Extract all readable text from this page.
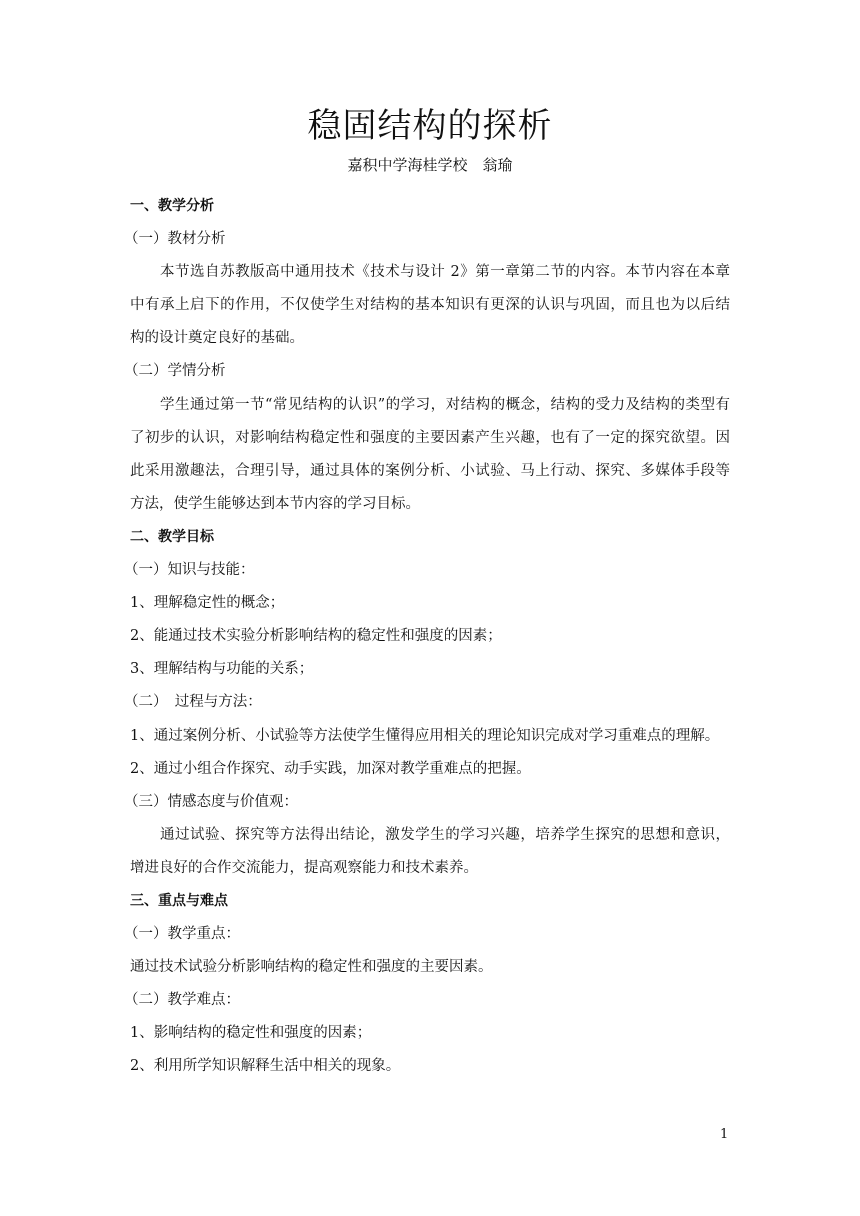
稳固结构的探析

嘉积中学海桂学校　翁瑜

一、教学分析

（一）教材分析

本节选自苏教版高中通用技术《技术与设计 2》第一章第二节的内容。本节内容在本章

中有承上启下的作用，不仅使学生对结构的基本知识有更深的认识与巩固，而且也为以后结

构的设计奠定良好的基础。

（二）学情分析

学生通过第一节“常见结构的认识”的学习，对结构的概念，结构的受力及结构的类型有

了初步的认识，对影响结构稳定性和强度的主要因素产生兴趣，也有了一定的探究欲望。因

此采用激趣法，合理引导，通过具体的案例分析、小试验、马上行动、探究、多媒体手段等

方法，使学生能够达到本节内容的学习目标。

二、教学目标

（一）知识与技能：

1、理解稳定性的概念；

2、能通过技术实验分析影响结构的稳定性和强度的因素；

3、理解结构与功能的关系；

（二）　过程与方法：

1、通过案例分析、小试验等方法使学生懂得应用相关的理论知识完成对学习重难点的理解。

2、通过小组合作探究、动手实践，加深对教学重难点的把握。

（三）情感态度与价值观：

通过试验、探究等方法得出结论，激发学生的学习兴趣，培养学生探究的思想和意识，

增进良好的合作交流能力，提高观察能力和技术素养。

三、重点与难点

（一）教学重点：

通过技术试验分析影响结构的稳定性和强度的主要因素。

（二）教学难点：

1、影响结构的稳定性和强度的因素；

2、利用所学知识解释生活中相关的现象。

1
